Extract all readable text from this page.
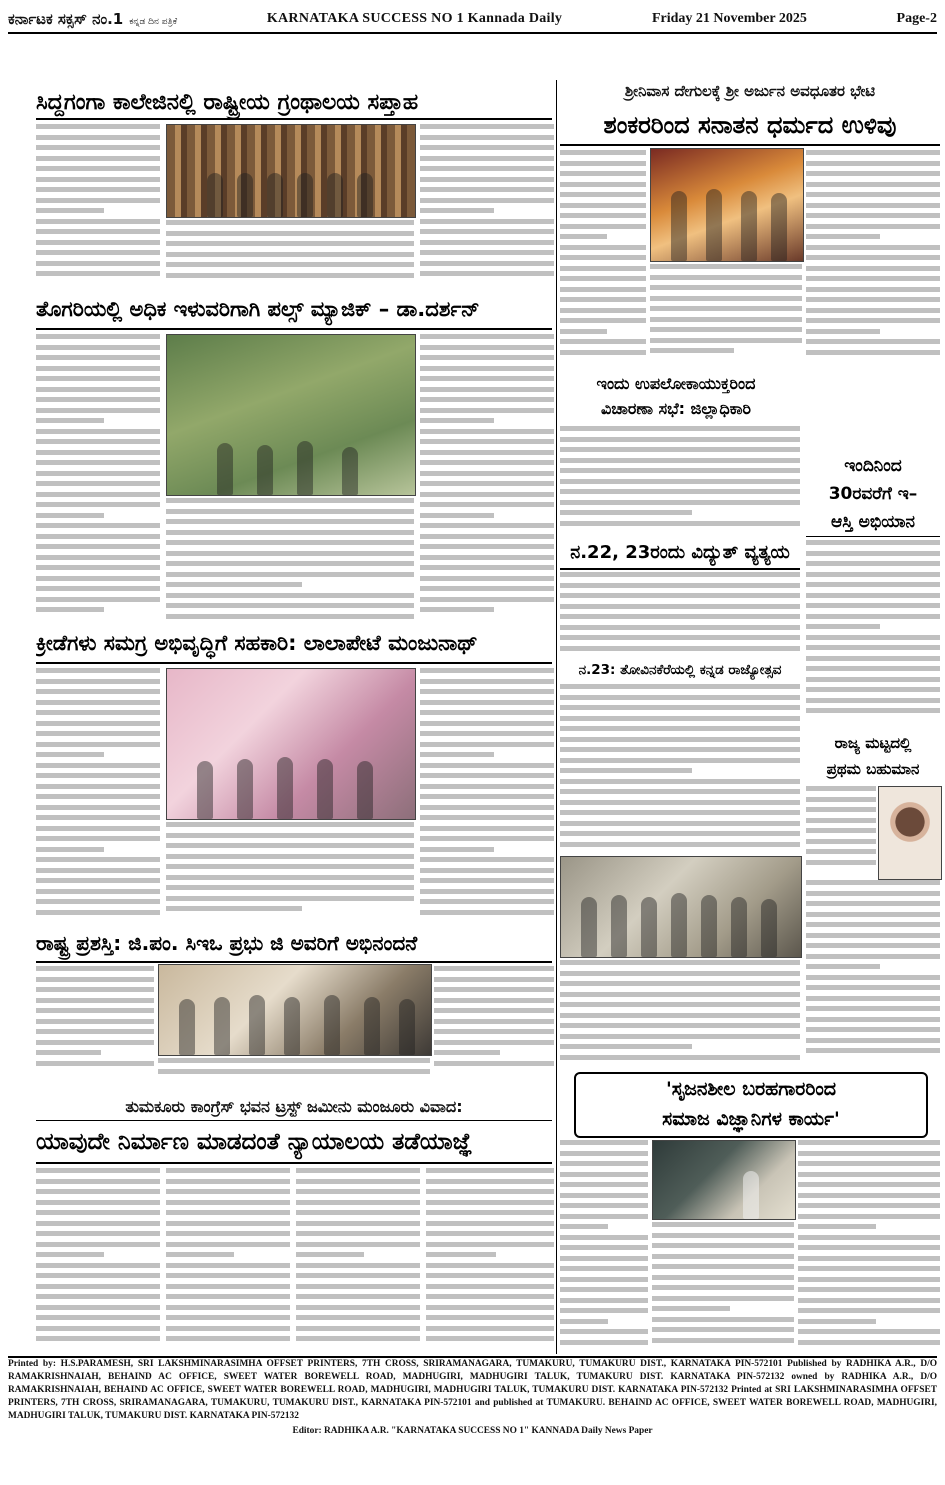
ಕರ್ನಾಟಕ ಸಕ್ಸಸ್ ನಂ.1 ಕನ್ನಡ ದಿನ ಪತ್ರಿಕೆ	KARNATAKA SUCCESS NO 1 Kannada Daily	Friday 21 November 2025	Page-2
ಸಿದ್ದಗಂಗಾ ಕಾಲೇಜಿನಲ್ಲಿ ರಾಷ್ಟ್ರೀಯ ಗ್ರಂಥಾಲಯ ಸಪ್ತಾಹ
ತೊಗರಿಯಲ್ಲಿ ಅಧಿಕ ಇಳುವರಿಗಾಗಿ ಪಲ್ಸ್ ಮ್ಯಾಜಿಕ್ – ಡಾ.ದರ್ಶನ್
ಕ್ರೀಡೆಗಳು ಸಮಗ್ರ ಅಭಿವೃದ್ಧಿಗೆ ಸಹಕಾರಿ: ಲಾಲಾಪೇಟೆ ಮಂಜುನಾಥ್
ರಾಷ್ಟ್ರ ಪ್ರಶಸ್ತಿ: ಜಿ.ಪಂ. ಸಿಇಒ ಪ್ರಭು ಜಿ ಅವರಿಗೆ ಅಭಿನಂದನೆ
ತುಮಕೂರು ಕಾಂಗ್ರೆಸ್ ಭವನ ಟ್ರಸ್ಟ್ ಜಮೀನು ಮಂಜೂರು ವಿವಾದ:
ಯಾವುದೇ ನಿರ್ಮಾಣ ಮಾಡದಂತೆ ನ್ಯಾಯಾಲಯ ತಡೆಯಾಜ್ಞೆ
ಶ್ರೀನಿವಾಸ ದೇಗುಲಕ್ಕೆ ಶ್ರೀ ಅರ್ಜುನ ಅವಧೂತರ ಭೇಟಿ
ಶಂಕರರಿಂದ ಸನಾತನ ಧರ್ಮದ ಉಳಿವು
ಇಂದು ಉಪಲೋಕಾಯುಕ್ತರಿಂದ
ವಿಚಾರಣಾ ಸಭೆ: ಜಿಲ್ಲಾಧಿಕಾರಿ
ನ.22, 23ರಂದು ವಿದ್ಯುತ್ ವ್ಯತ್ಯಯ
ನ.23: ತೋವಿನಕೆರೆಯಲ್ಲಿ ಕನ್ನಡ ರಾಜ್ಯೋತ್ಸವ
ಇಂದಿನಿಂದ
30ರವರೆಗೆ ಇ–
ಆಸ್ತಿ ಅಭಿಯಾನ
ರಾಜ್ಯ ಮಟ್ಟದಲ್ಲಿ
ಪ್ರಥಮ ಬಹುಮಾನ
'ಸೃಜನಶೀಲ ಬರಹಗಾರರಿಂದ
ಸಮಾಜ ವಿಜ್ಞಾನಿಗಳ ಕಾರ್ಯ'

Printed by: H.S.PARAMESH, SRI LAKSHMINARASIMHA OFFSET PRINTERS, 7TH CROSS, SRIRAMANAGARA, TUMAKURU, TUMAKURU DIST., KARNATAKA PIN-572101 Published by RADHIKA A.R., D/O RAMAKRISHNAIAH, BEHAIND AC OFFICE, SWEET WATER BOREWELL ROAD, MADHUGIRI, MADHUGIRI TALUK, TUMAKURU DIST. KARNATAKA PIN-572132 owned by RADHIKA A.R., D/O RAMAKRISHNAIAH, BEHAIND AC OFFICE, SWEET WATER BOREWELL ROAD, MADHUGIRI, MADHUGIRI TALUK, TUMAKURU DIST. KARNATAKA PIN-572132 Printed at SRI LAKSHMINARASIMHA OFFSET PRINTERS, 7TH CROSS, SRIRAMANAGARA, TUMAKURU, TUMAKURU DIST., KARNATAKA PIN-572101 and published at TUMAKURU. BEHAIND AC OFFICE, SWEET WATER BOREWELL ROAD, MADHUGIRI, MADHUGIRI TALUK, TUMAKURU DIST. KARNATAKA PIN-572132

Editor: RADHIKA A.R. "KARNATAKA SUCCESS NO 1" KANNADA Daily News Paper
